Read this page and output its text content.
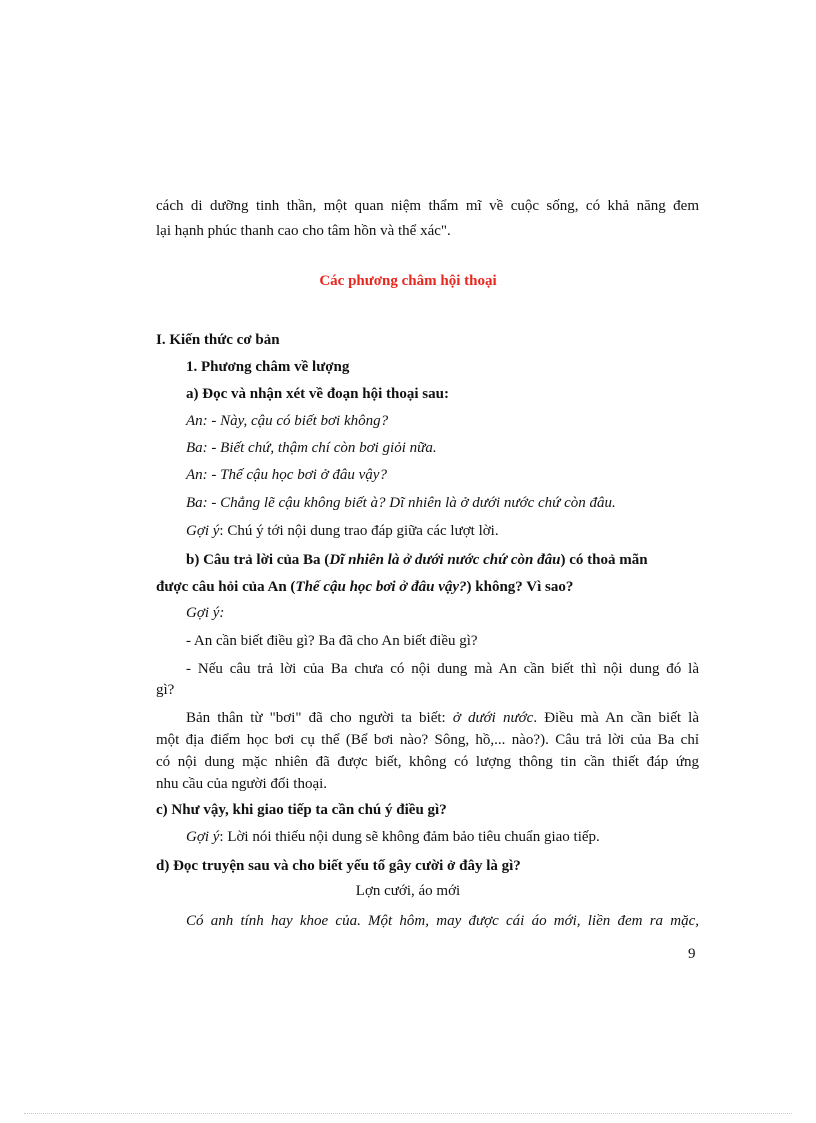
cách di dưỡng tinh thần, một quan niệm thẩm mĩ về cuộc sống, có khả năng đem
lại hạnh phúc thanh cao cho tâm hồn và thể xác".
Các phương châm hội thoại
I. Kiến thức cơ bản
1. Phương châm về lượng
a) Đọc và nhận xét về đoạn hội thoại sau:
An: - Này, cậu có biết bơi không?
Ba: - Biết chứ, thậm chí còn bơi giỏi nữa.
An: - Thế cậu học bơi ở đâu vậy?
Ba: - Chẳng lẽ cậu không biết à? Dĩ nhiên là ở dưới nước chứ còn đâu.
Gợi ý: Chú ý tới nội dung trao đáp giữa các lượt lời.
b) Câu trả lời của Ba (Dĩ nhiên là ở dưới nước chứ còn đâu) có thoả mãn
được câu hỏi của An (Thế cậu học bơi ở đâu vậy?) không? Vì sao?
Gợi ý:
- An cần biết điều gì? Ba đã cho An biết điều gì?
- Nếu câu trả lời của Ba chưa có nội dung mà An cần biết thì nội dung đó là
gì?
Bản thân từ "bơi" đã cho người ta biết: ở dưới nước. Điều mà An cần biết là
một địa điểm học bơi cụ thể (Bể bơi nào? Sông, hồ,... nào?). Câu trả lời của Ba chỉ
có nội dung mặc nhiên đã được biết, không có lượng thông tin cần thiết đáp ứng
nhu cầu của người đối thoại.
c) Như vậy, khi giao tiếp ta cần chú ý điều gì?
Gợi ý: Lời nói thiếu nội dung sẽ không đảm bảo tiêu chuẩn giao tiếp.
d) Đọc truyện sau và cho biết yếu tố gây cười ở đây là gì?
Lợn cưới, áo mới
Có anh tính hay khoe của. Một hôm, may được cái áo mới, liền đem ra mặc,
9
